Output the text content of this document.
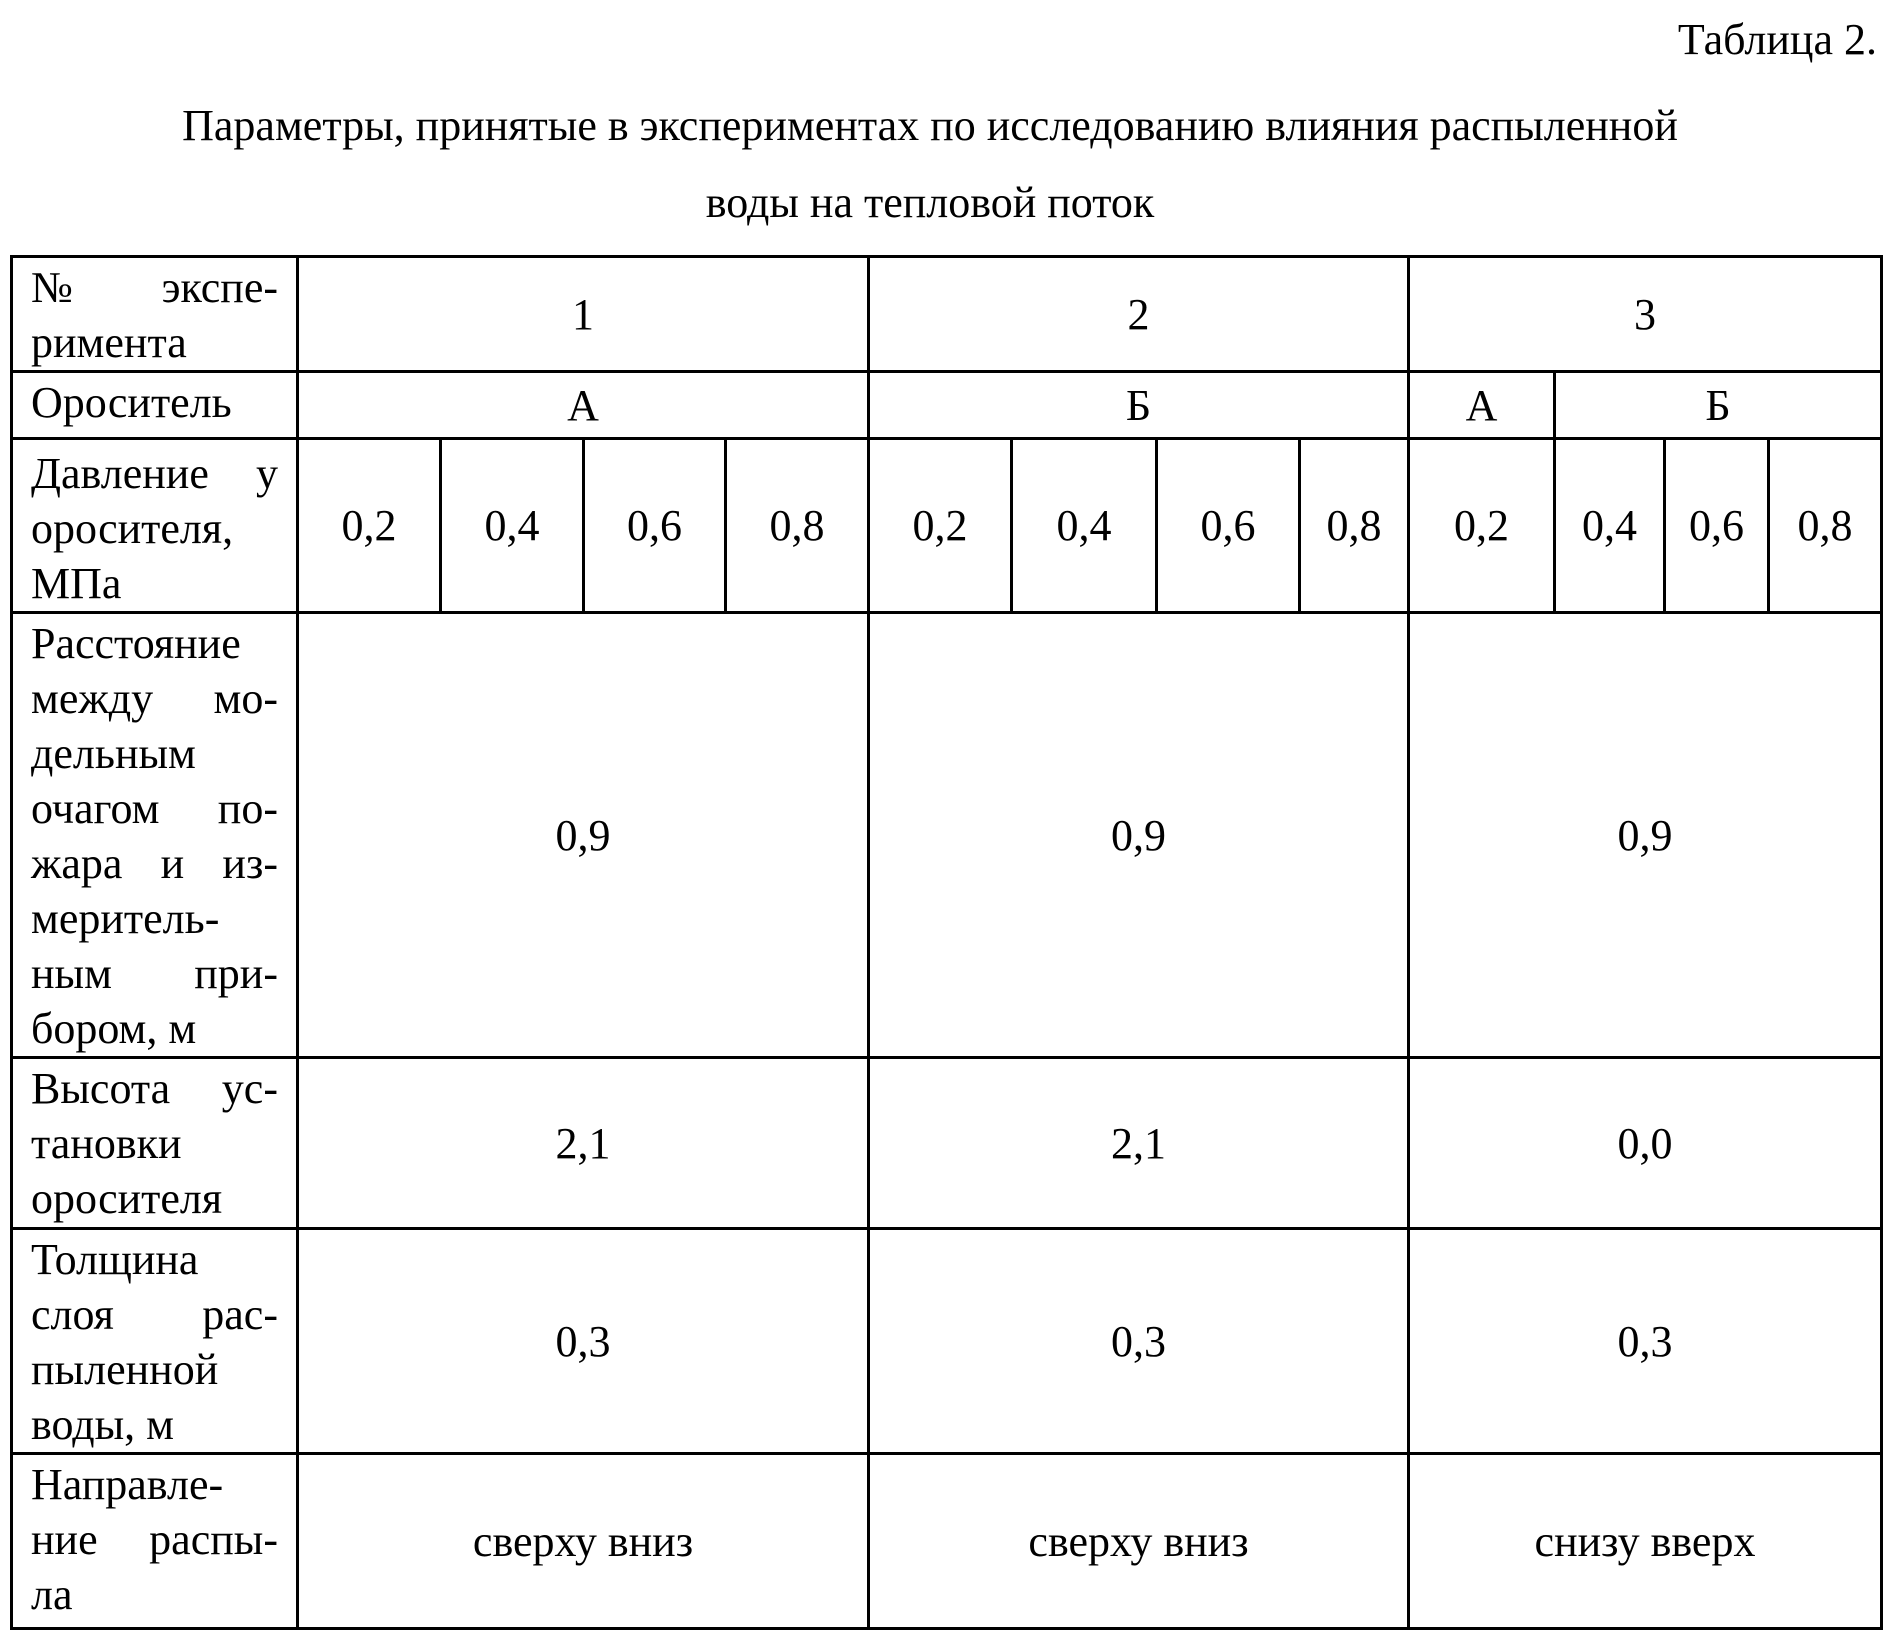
Таблица 2.
Параметры, принятые в экспериментах по исследованию влияния распыленной
воды на тепловой поток
№ экспе-римента	1				2				3			
Ороситель	А				Б				А	Б		
Давление у оросителя, МПа	0,2	0,4	0,6	0,8	0,2	0,4	0,6	0,8	0,2	0,4	0,6	0,8
Расстояние между мо-дельным очагом по-жара и из-меритель-ным при-бором, м	0,9				0,9				0,9			
Высота ус-тановки оросителя	2,1				2,1				0,0			
Толщина слоя рас-пыленной воды, м	0,3				0,3				0,3			
Направле-ние распы-ла	сверху вниз				сверху вниз				снизу вверх			
